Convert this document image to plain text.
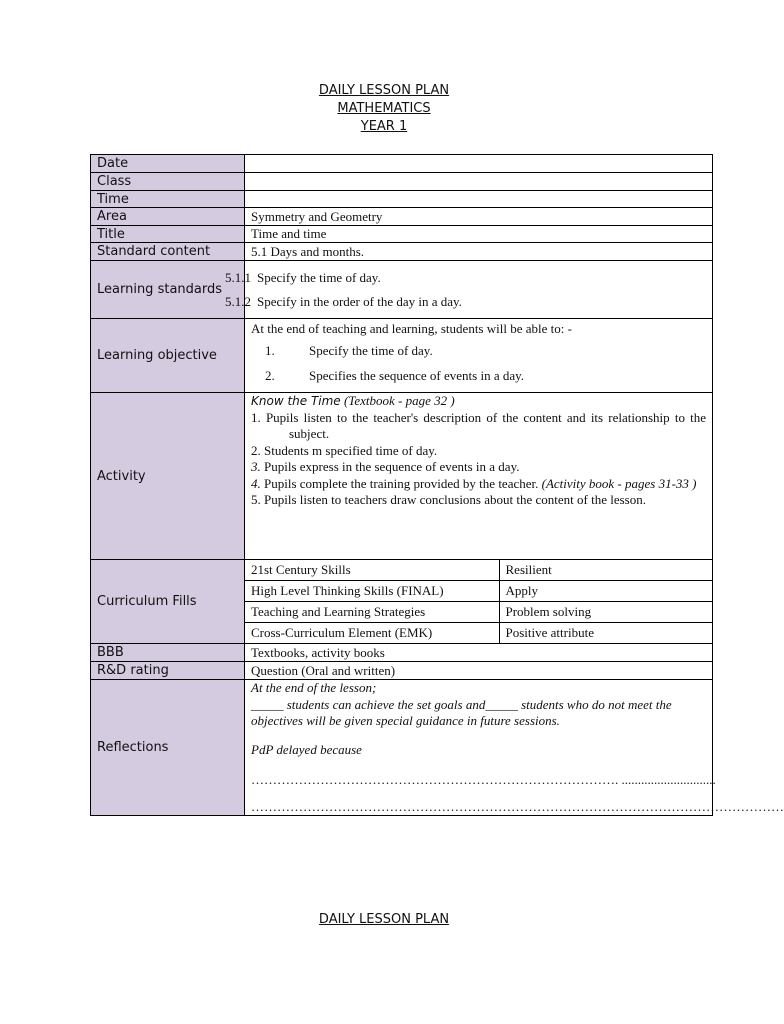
DAILY LESSON PLAN
MATHEMATICS
YEAR 1
Date	
Class	
Time	
Area	Symmetry and Geometry
Title	Time and time
Standard content	5.1 Days and months.
Learning standards	
5.1.1 Specify the time of day.
5.1.2 Specify in the order of the day in a day.

Learning objective	
At the end of teaching and learning, students will be able to: -
1.	Specify the time of day.
2.	Specifies the sequence of events in a day.

Activity	

Know the Time (Textbook - page 32 )

1. Pupils listen to the teacher's description of the content and its relationship to the subject.

2. Students m specified time of day.

3. Pupils express in the sequence of events in a day.

4. Pupils complete the training provided by the teacher. (Activity book - pages 31-33 )

5. Pupils listen to teachers draw conclusions about the content of the lesson.

Curriculum Fills	
21st Century Skills	Resilient
High Level Thinking Skills (FINAL)	Apply
Teaching and Learning Strategies	Problem solving
Cross-Curriculum Element (EMK)	Positive attribute

BBB	Textbooks, activity books
R&D rating	Question (Oral and written)
Reflections	

At the end of the lesson;

_____ students can achieve the set goals and_____ students who do not meet the objectives will be given special guidance in future sessions.

PdP delayed because

…………………………………………………………………………. .............................

……………………………………………………………………………………………………………

DAILY LESSON PLAN
